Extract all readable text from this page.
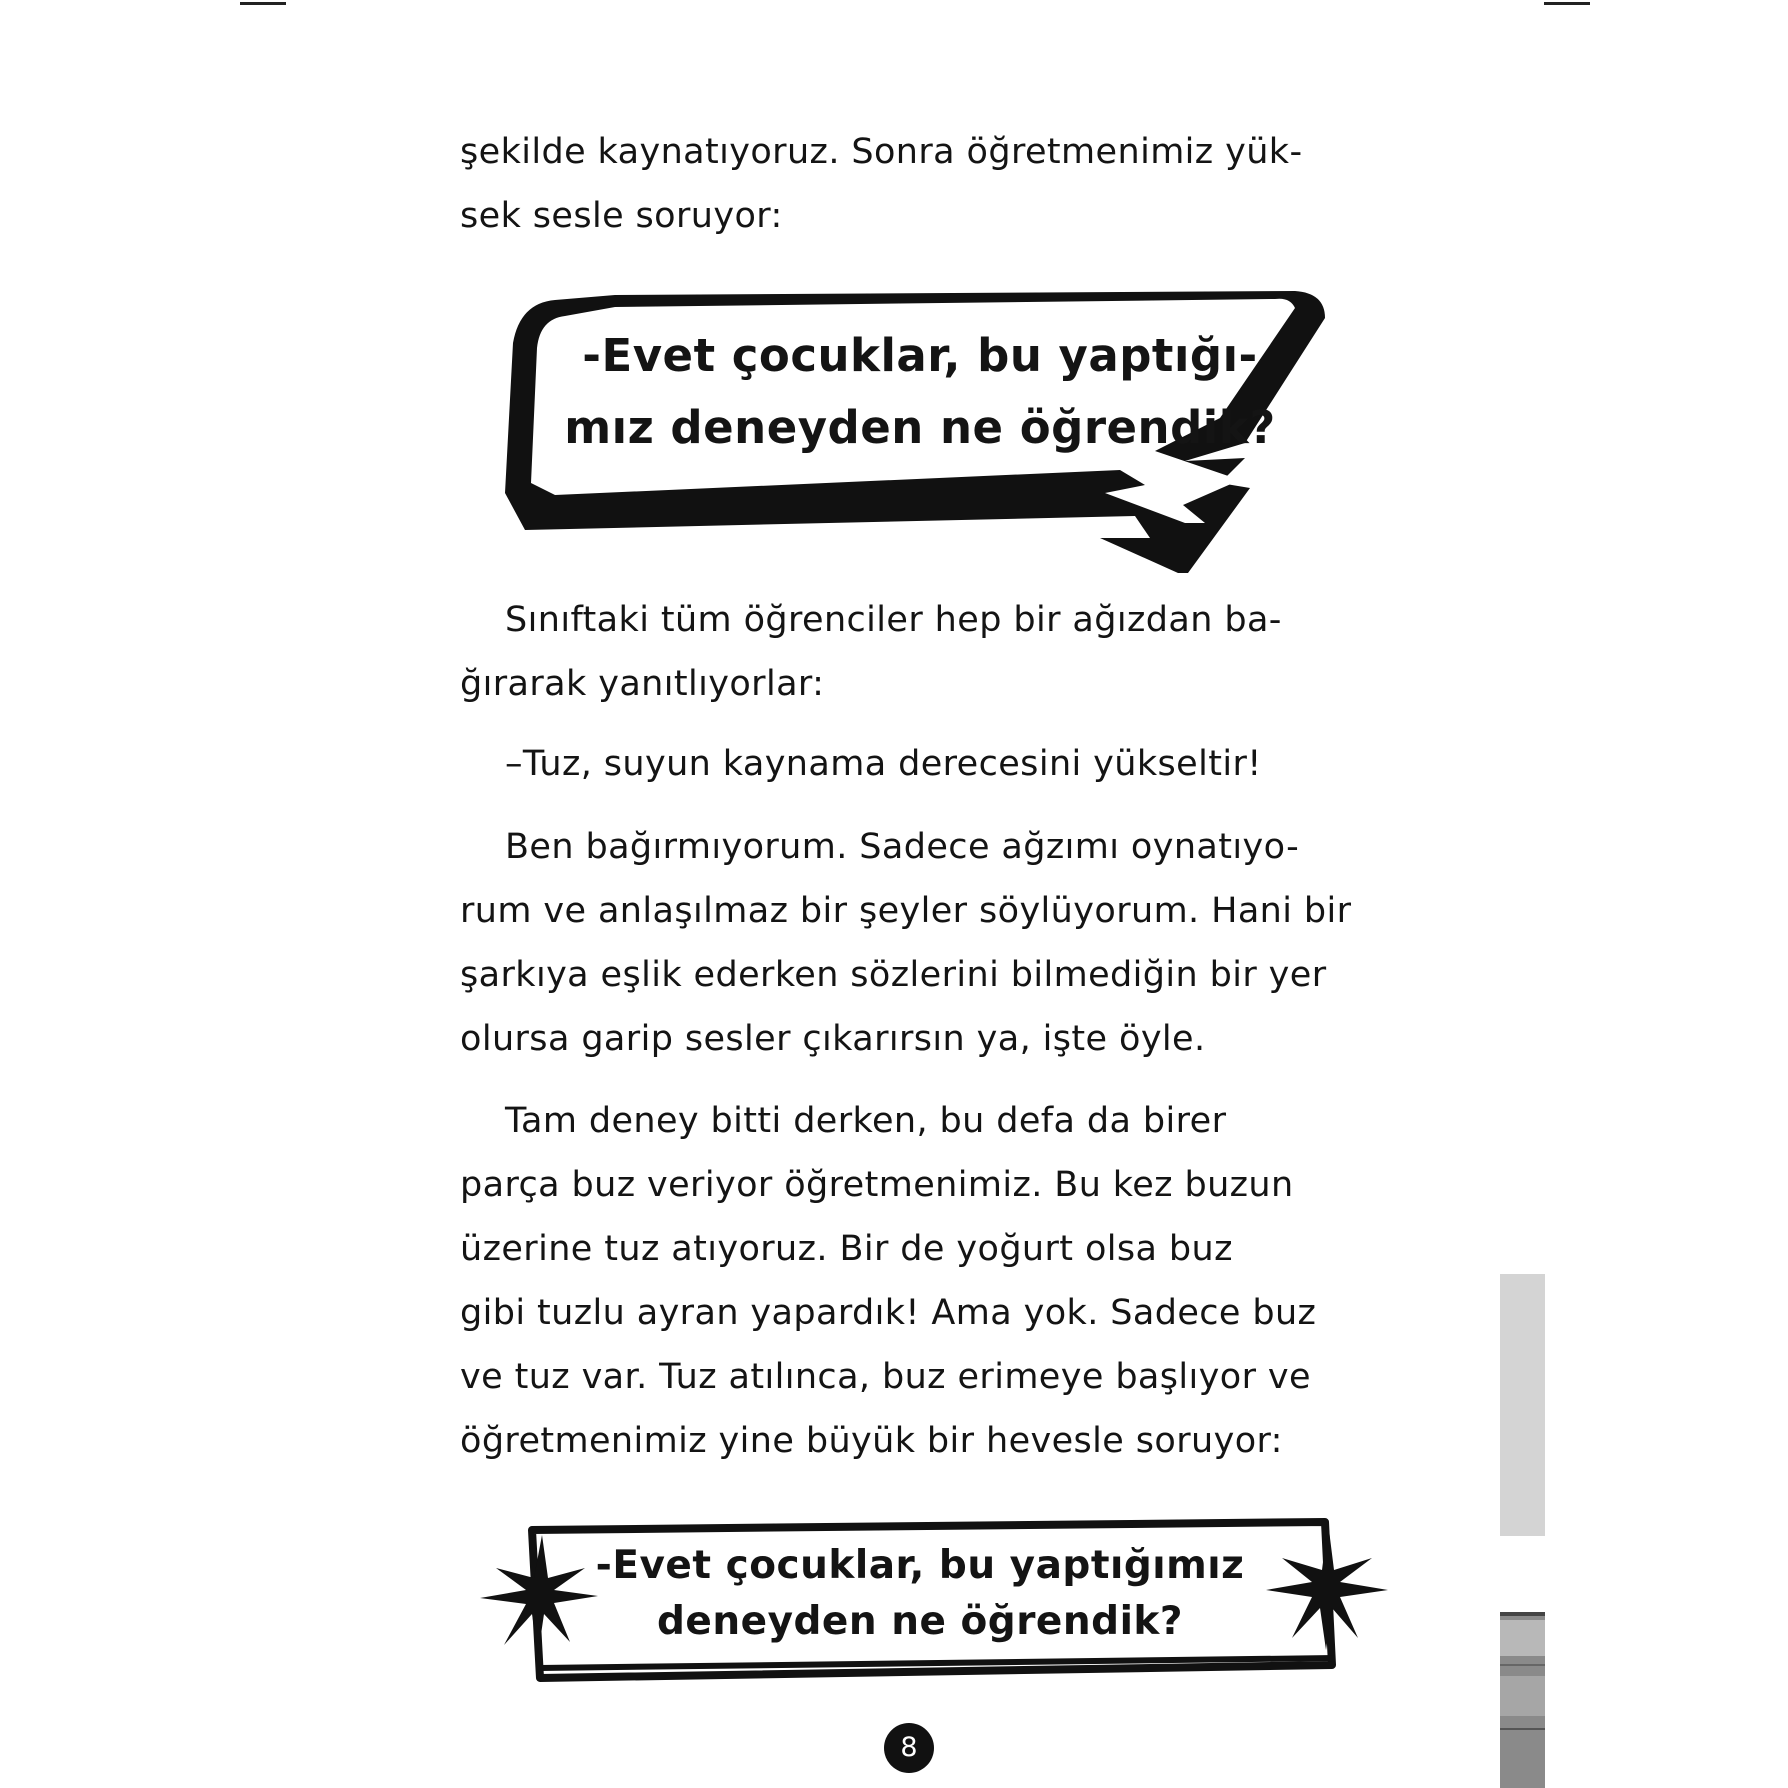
şekilde kaynatıyoruz. Sonra öğretmenimiz yük-
sek sesle soruyor:

-Evet çocuklar, bu yaptığı-
mız deneyden ne öğrendik?

Sınıftaki tüm öğrenciler hep bir ağızdan ba-
ğırarak yanıtlıyorlar:

–Tuz, suyun kaynama derecesini yükseltir!

Ben bağırmıyorum. Sadece ağzımı oynatıyo-
rum ve anlaşılmaz bir şeyler söylüyorum. Hani bir
şarkıya eşlik ederken sözlerini bilmediğin bir yer
olursa garip sesler çıkarırsın ya, işte öyle.

Tam deney bitti derken, bu defa da birer
parça buz veriyor öğretmenimiz. Bu kez buzun
üzerine tuz atıyoruz. Bir de yoğurt olsa buz
gibi tuzlu ayran yapardık! Ama yok. Sadece buz
ve tuz var. Tuz atılınca, buz erimeye başlıyor ve
öğretmenimiz yine büyük bir hevesle soruyor:

-Evet çocuklar, bu yaptığımız
deneyden ne öğrendik?

8
